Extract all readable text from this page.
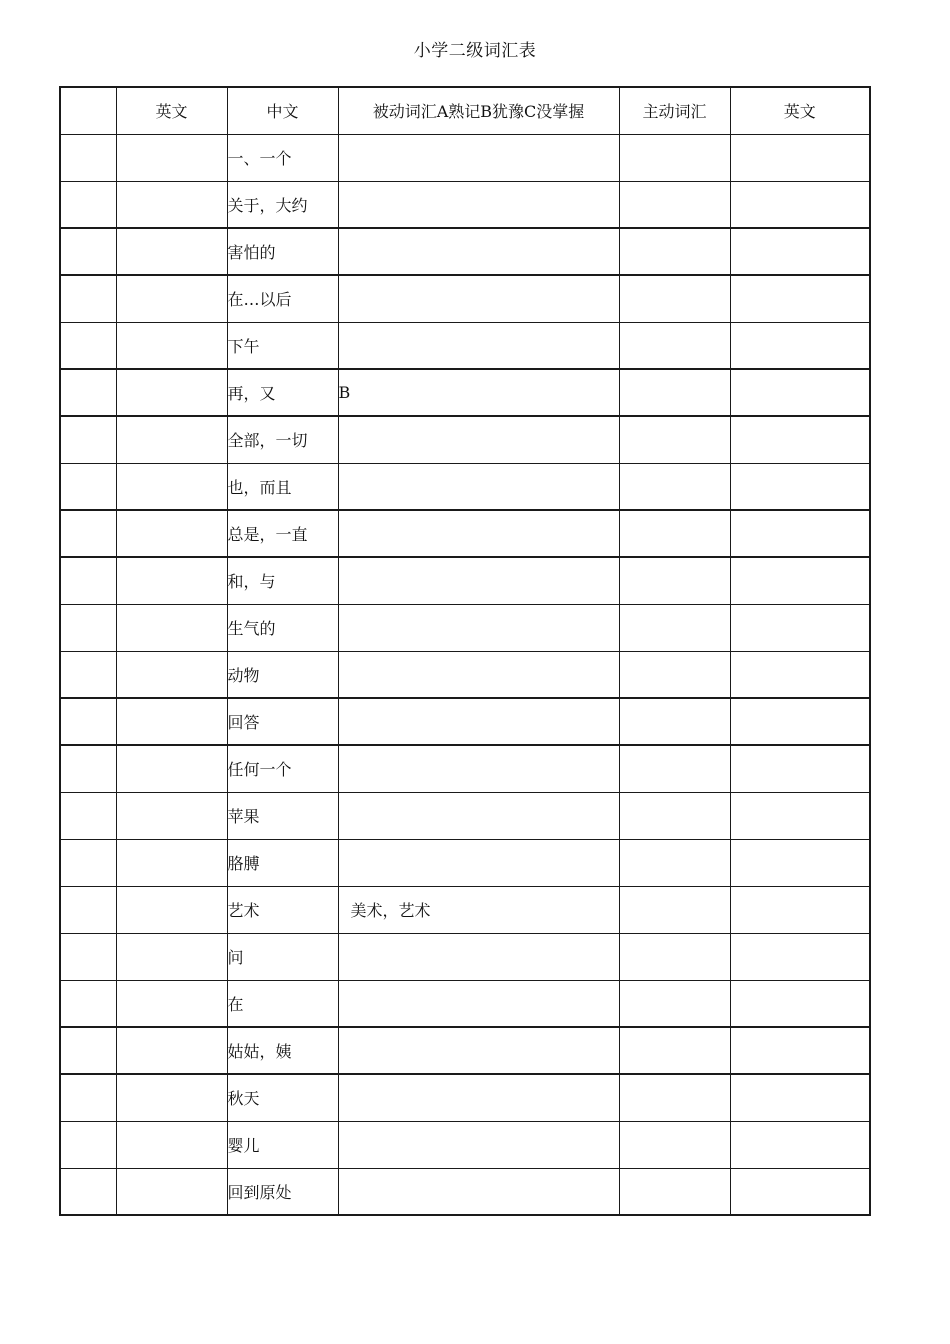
小学二级词汇表
	英文	中文	被动词汇A熟记B犹豫C没掌握	主动词汇	英文
		一、一个			
		关于，大约			
		害怕的			
		在…以后			
		下午			
		再，又	B		
		全部，一切			
		也，而且			
		总是，一直			
		和，与			
		生气的			
		动物			
		回答			
		任何一个			
		苹果			
		胳膊			
		艺术	美术，艺术		
		问			
		在			
		姑姑，姨			
		秋天			
		婴儿			
		回到原处			
